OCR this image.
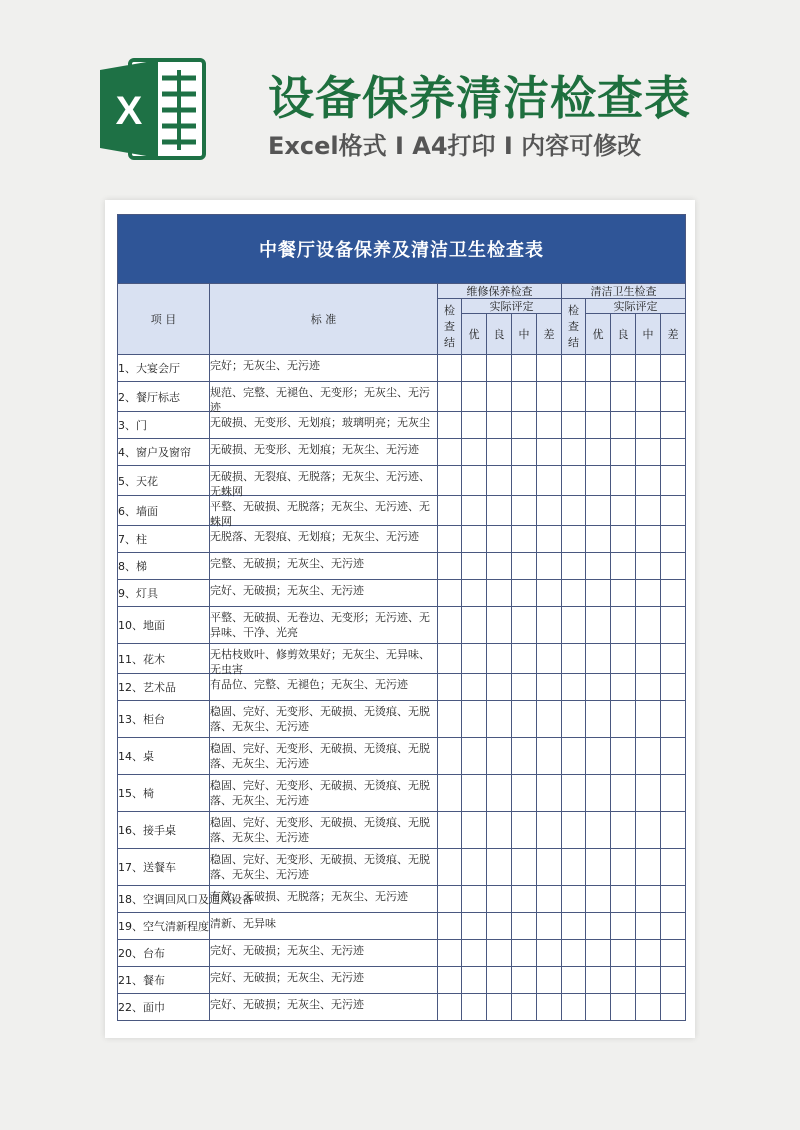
X	设备保养清洁检查表
Excel格式 I A4打印 I 内容可修改
中餐厅设备保养及清洁卫生检查表											
项 目	标 准	维修保养检查					清洁卫生检查				
		检查结	实际评定				检查结	实际评定			
			优	良	中	差		优	良	中	差
1、大宴会厅	完好；无灰尘、无污迹										

2、餐厅标志	规范、完整、无褪色、无变形；无灰尘、无污迹										

3、门	无破损、无变形、无划痕；玻璃明亮；无灰尘										

4、窗户及窗帘	无破损、无变形、无划痕；无灰尘、无污迹										

5、天花	无破损、无裂痕、无脱落；无灰尘、无污迹、无蛛网										

6、墙面	平整、无破损、无脱落；无灰尘、无污迹、无蛛网										

7、柱	无脱落、无裂痕、无划痕；无灰尘、无污迹										

8、梯	完整、无破损；无灰尘、无污迹										

9、灯具	完好、无破损；无灰尘、无污迹										

10、地面	平整、无破损、无卷边、无变形；无污迹、无异味、干净、光亮										

11、花木	无枯枝败叶、修剪效果好；无灰尘、无异味、无虫害										

12、艺术品	有品位、完整、无褪色；无灰尘、无污迹										

13、柜台	稳固、完好、无变形、无破损、无烫痕、无脱落、无灰尘、无污迹										

14、桌	稳固、完好、无变形、无破损、无烫痕、无脱落、无灰尘、无污迹										

15、椅	稳固、完好、无变形、无破损、无烫痕、无脱落、无灰尘、无污迹										

16、接手桌	稳固、完好、无变形、无破损、无烫痕、无脱落、无灰尘、无污迹										

17、送餐车	稳固、完好、无变形、无破损、无烫痕、无脱落、无灰尘、无污迹										

18、空调回风口及通风设备	有效、无破损、无脱落；无灰尘、无污迹										

19、空气清新程度	清新、无异味										

20、台布	完好、无破损；无灰尘、无污迹										

21、餐布	完好、无破损；无灰尘、无污迹										

22、面巾	完好、无破损；无灰尘、无污迹										
